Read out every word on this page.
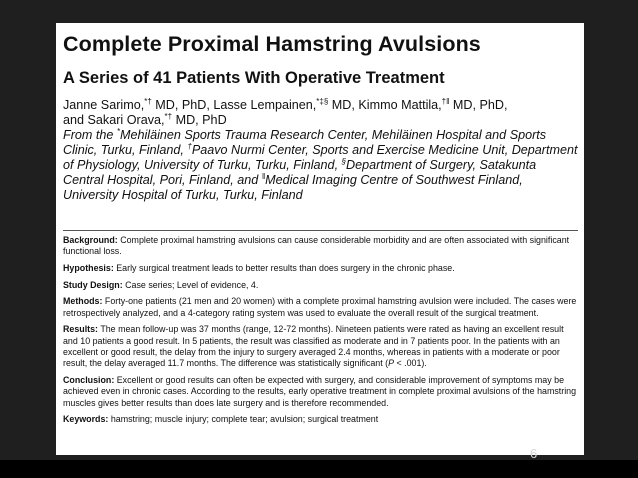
Complete Proximal Hamstring Avulsions
A Series of 41 Patients With Operative Treatment
Janne Sarimo,*† MD, PhD, Lasse Lempainen,*‡§ MD, Kimmo Mattila,$^{\dagger ǁ}$ MD, PhD,
and Sakari Orava,*† MD, PhD
From the *Mehiläinen Sports Trauma Research Center, Mehiläinen Hospital and Sports Clinic, Turku, Finland, †Paavo Nurmi Center, Sports and Exercise Medicine Unit, Department of Physiology, University of Turku, Turku, Finland, §Department of Surgery, Satakunta Central Hospital, Pori, Finland, and $^ǁ$Medical Imaging Centre of Southwest Finland, University Hospital of Turku, Turku, Finland

Background: Complete proximal hamstring avulsions can cause considerable morbidity and are often associated with significant functional loss.

Hypothesis: Early surgical treatment leads to better results than does surgery in the chronic phase.

Study Design: Case series; Level of evidence, 4.

Methods: Forty-one patients (21 men and 20 women) with a complete proximal hamstring avulsion were included. The cases were retrospectively analyzed, and a 4-category rating system was used to evaluate the overall result of the surgical treatment.

Results: The mean follow-up was 37 months (range, 12-72 months). Nineteen patients were rated as having an excellent result and 10 patients a good result. In 5 patients, the result was classified as moderate and in 7 patients poor. In the patients with an excellent or good result, the delay from the injury to surgery averaged 2.4 months, whereas in patients with a moderate or poor result, the delay averaged 11.7 months. The difference was statistically significant (P < .001).

Conclusion: Excellent or good results can often be expected with surgery, and considerable improvement of symptoms may be achieved even in chronic cases. According to the results, early operative treatment in complete proximal avulsions of the hamstring muscles gives better results than does late surgery and is therefore recommended.

Keywords: hamstring; muscle injury; complete tear; avulsion; surgical treatment

6
